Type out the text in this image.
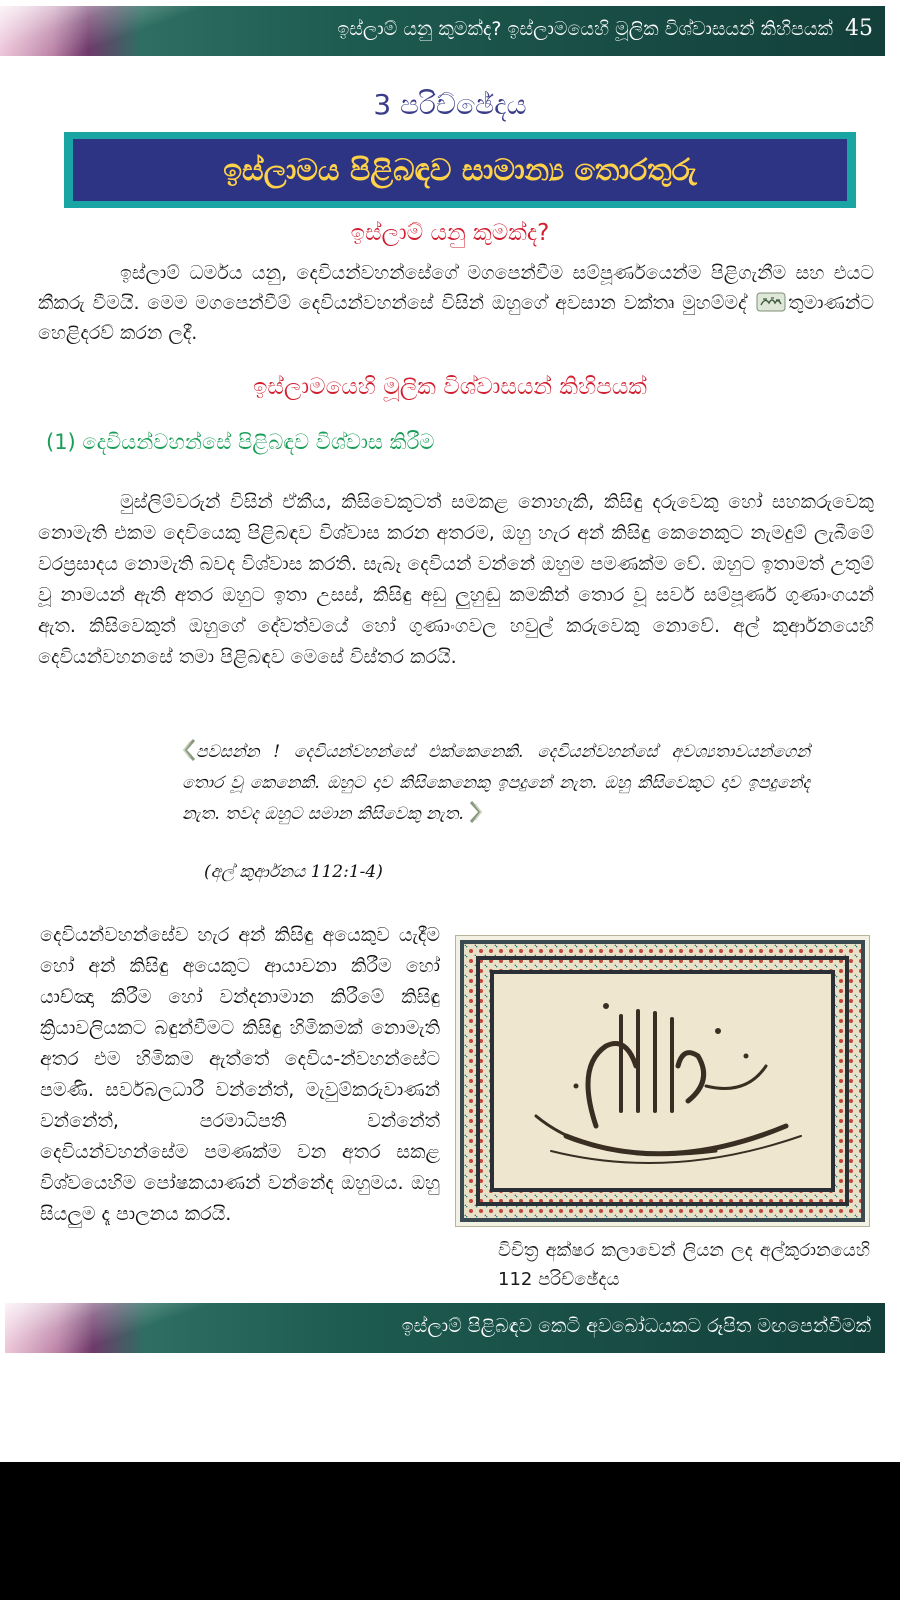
ඉස්ලාම් යනු කුමක්ද? ඉස්ලාමයෙහි මූලික විශ්වාසයන් කිහිපයක් 45
3 පරිච්ඡේදය
ඉස්ලාමය පිළිබඳව සාමාන්‍ය තොරතුරු
ඉස්ලාම් යනු කුමක්ද?
ඉස්ලාම් ධර්මය යනු, දෙවියන්වහන්සේගේ මගපෙන්වීම සම්පූර්ණයෙන්ම පිළිගැනීම සහ එයට කීකරු වීමයි. මෙම මගපෙන්වීම් දෙවියන්වහන්සේ විසින් ඔහුගේ අවසාන වක්තෘ මුහම්මද් තුමාණන්ට හෙළිදරව් කරන ලදී.
ඉස්ලාමයෙහි මූලික විශ්වාසයන් කිහිපයක්
(1) දෙවියන්වහන්සේ පිළිබඳව විශ්වාස කිරීම
මුස්ලිම්වරුන් විසින් ඒකීය, කිසිවෙකුටත් සමකළ නොහැකි, කිසිඳු දරුවෙකු හෝ සහකරුවෙකු නොමැති එකම දෙවියෙකු පිළිබඳව විශ්වාස කරන අතරම, ඔහු හැර අන් කිසිඳු කෙනෙකුට නැමදුම් ලැබීමේ වරප්‍රසාදය නොමැති බවද විශ්වාස කරති. සැබෑ දෙවියන් වන්නේ ඔහුම පමණක්ම වේ. ඔහුට ඉතාමත් උතුම් වූ නාමයන් ඇති අතර ඔහුට ඉතා උසස්, කිසිඳු අඩු ලුහුඬු කමකින් තොර වූ සර්ව සම්පූර්ණ ගුණාංගයන් ඇත. කිසිවෙකුත් ඔහුගේ දේවත්වයේ හෝ ගුණාංගවල හවුල් කරුවෙකු නොවේ. අල් කුර්ආනයෙහි දෙවියන්වහනසේ තමා පිළිබඳව මෙසේ විස්තර කරයි.
පවසන්න ! දෙවියන්වහන්සේ එක්කෙනෙකි. දෙවියන්වහන්සේ අවශ්‍යතාවයන්ගෙන් තොර වූ කෙනෙකි. ඔහුට දාව කිසිකෙනෙකු ඉපදුනේ නැත. ඔහු කිසිවෙකුට දාව ඉපදුනේද නැත. තවද ඔහුට සමාන කිසිවෙකු නැත.
(අල් කුර්ආනය 112:1-4)
දෙවියන්වහන්සේව හැර අන් කිසිඳු අයෙකුව යැදීම හෝ අන් කිසිඳු අයෙකුට ආයාචනා කිරීම හෝ යාච්ඤා කිරීම හෝ වන්දනාමාන කිරීමේ කිසිඳු ක්‍රියාවලියකට බඳුන්වීමට කිසිඳු හිමිකමක් නොමැති අතර එම හිමිකම ඇත්තේ දෙවිය-න්වහන්සේට පමණි. සර්වබලධාරී වන්නේත්, මැවුම්කරුවාණන් වන්නේත්, පරමාධිපති වන්නේත් දෙවියන්වහන්සේම පමණක්ම වන අතර සකළ විශ්වයෙහිම පෝෂකයාණන් වන්නේද ඔහුමය. ඔහු සියලුම දෑ පාලනය කරයි.
විචිත්‍ර අක්ෂර කලාවෙන් ලියන ලද අල්කුරානයෙහි 112 පරිච්ඡේදය
ඉස්ලාම් පිළිබඳව කෙටි අවබෝධයකට රූපිත මඟපෙන්වීමක්
